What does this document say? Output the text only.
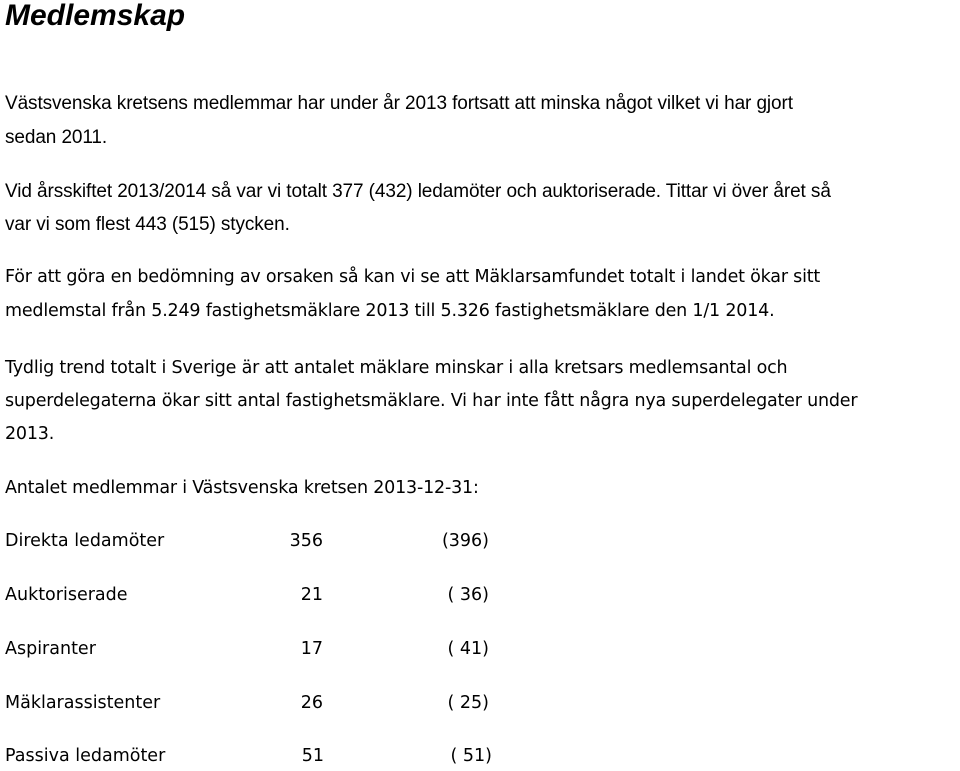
Medlemskap
Västsvenska kretsens medlemmar har under år 2013 fortsatt att minska något vilket vi har gjort
sedan 2011.
Vid årsskiftet 2013/2014 så var vi totalt 377 (432) ledamöter och auktoriserade. Tittar vi över året så
var vi som flest 443 (515) stycken.
För att göra en bedömning av orsaken så kan vi se att Mäklarsamfundet totalt i landet ökar sitt
medlemstal från 5.249 fastighetsmäklare 2013 till 5.326 fastighetsmäklare den 1/1 2014.
Tydlig trend totalt i Sverige är att antalet mäklare minskar i alla kretsars medlemsantal och
superdelegaterna ökar sitt antal fastighetsmäklare. Vi har inte fått några nya superdelegater under
2013.
Antalet medlemmar i Västsvenska kretsen 2013-12-31:
Direkta ledamöter	356	(396)
Auktoriserade	21	( 36)
Aspiranter	17	( 41)
Mäklarassistenter	26	( 25)
Passiva ledamöter	51	( 51)
